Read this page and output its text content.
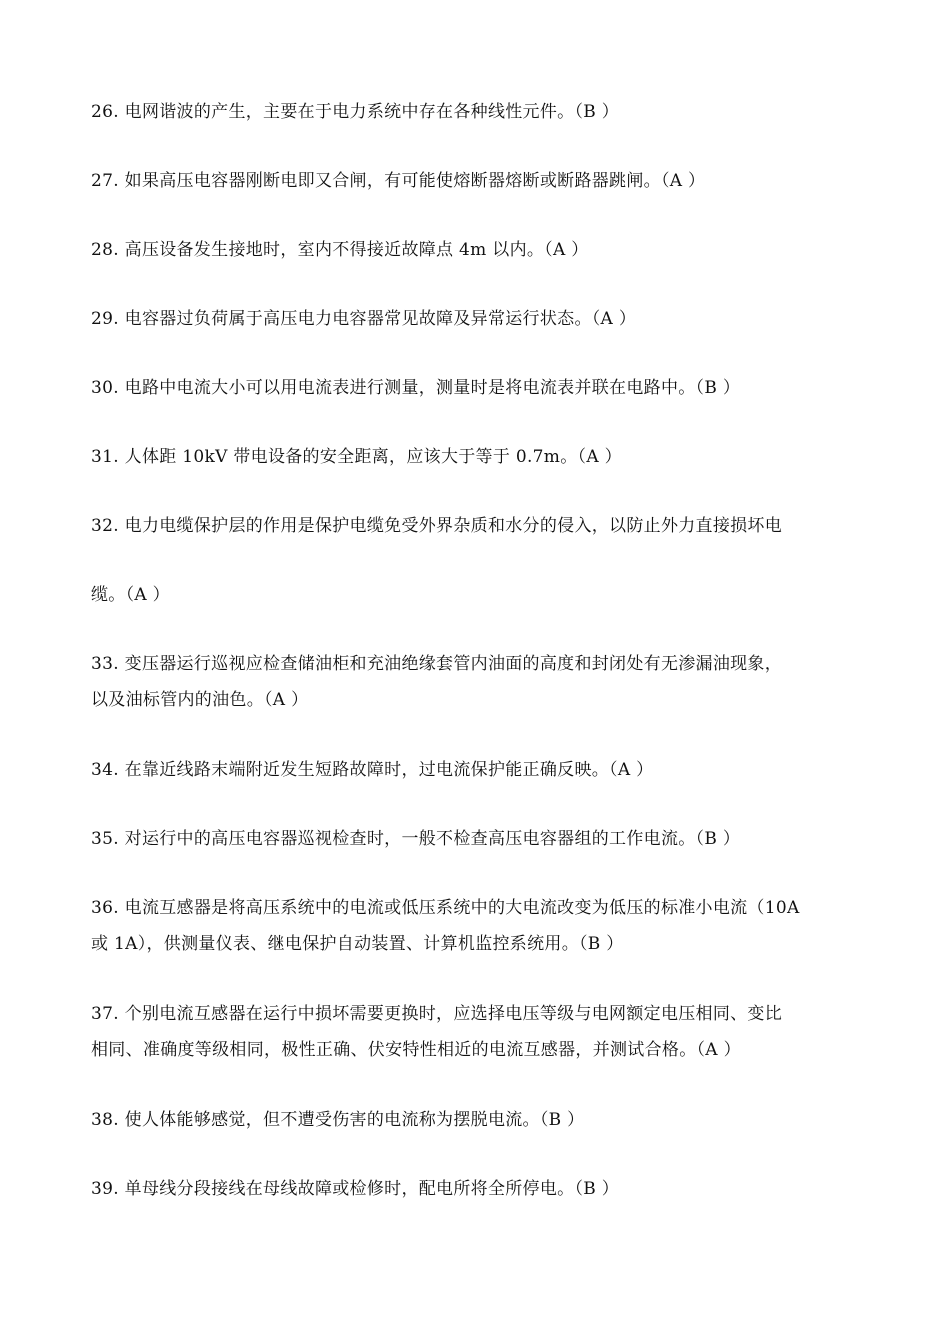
26. 电网谐波的产生，主要在于电力系统中存在各种线性元件。（B ）
27. 如果高压电容器刚断电即又合闸，有可能使熔断器熔断或断路器跳闸。（A ）
28. 高压设备发生接地时，室内不得接近故障点 4m 以内。（A ）
29. 电容器过负荷属于高压电力电容器常见故障及异常运行状态。（A ）
30. 电路中电流大小可以用电流表进行测量，测量时是将电流表并联在电路中。（B ）
31. 人体距 10kV 带电设备的安全距离，应该大于等于 0.7m。（A ）
32. 电力电缆保护层的作用是保护电缆免受外界杂质和水分的侵入，以防止外力直接损坏电
缆。（A ）
33. 变压器运行巡视应检查储油柜和充油绝缘套管内油面的高度和封闭处有无渗漏油现象，
以及油标管内的油色。（A ）
34. 在靠近线路末端附近发生短路故障时，过电流保护能正确反映。（A ）
35. 对运行中的高压电容器巡视检查时，一般不检查高压电容器组的工作电流。（B ）
36. 电流互感器是将高压系统中的电流或低压系统中的大电流改变为低压的标准小电流（10A
或 1A），供测量仪表、继电保护自动装置、计算机监控系统用。（B ）
37. 个别电流互感器在运行中损坏需要更换时，应选择电压等级与电网额定电压相同、变比
相同、准确度等级相同，极性正确、伏安特性相近的电流互感器，并测试合格。（A ）
38. 使人体能够感觉，但不遭受伤害的电流称为摆脱电流。（B ）
39. 单母线分段接线在母线故障或检修时，配电所将全所停电。（B ）
